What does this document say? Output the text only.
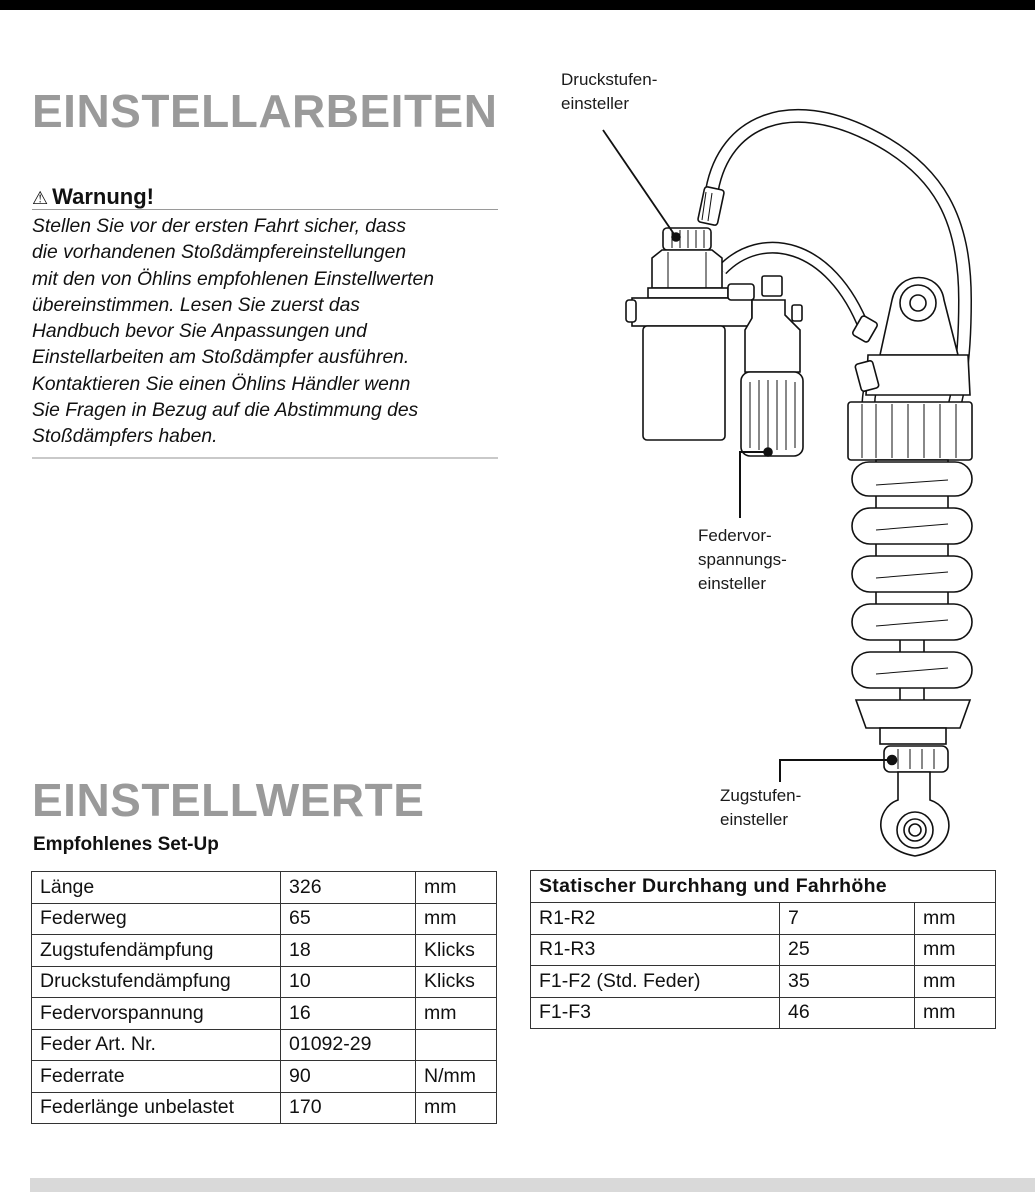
EINSTELLARBEITEN
⚠ Warnung!
Stellen Sie vor der ersten Fahrt sicher, dass
die vorhandenen Stoßdämpfereinstellungen
mit den von Öhlins empfohlenen Einstellwerten
übereinstimmen. Lesen Sie zuerst das
Handbuch bevor Sie Anpassungen und
Einstellarbeiten am Stoßdämpfer ausführen.
Kontaktieren Sie einen Öhlins Händler wenn
Sie Fragen in Bezug auf die Abstimmung des
Stoßdämpfers haben.
Druckstufen-
einsteller
Federvor-
spannungs-
einsteller
Zugstufen-
einsteller
EINSTELLWERTE
Empfohlenes Set-Up
Länge	326	mm
Federweg	65	mm
Zugstufendämpfung	18	Klicks
Druckstufendämpfung	10	Klicks
Federvorspannung	16	mm
Feder Art. Nr.	01092-29	
Federrate	90	N/mm
Federlänge unbelastet	170	mm
Statischer Durchhang und Fahrhöhe		
R1-R2	7	mm
R1-R3	25	mm
F1-F2 (Std. Feder)	35	mm
F1-F3	46	mm
